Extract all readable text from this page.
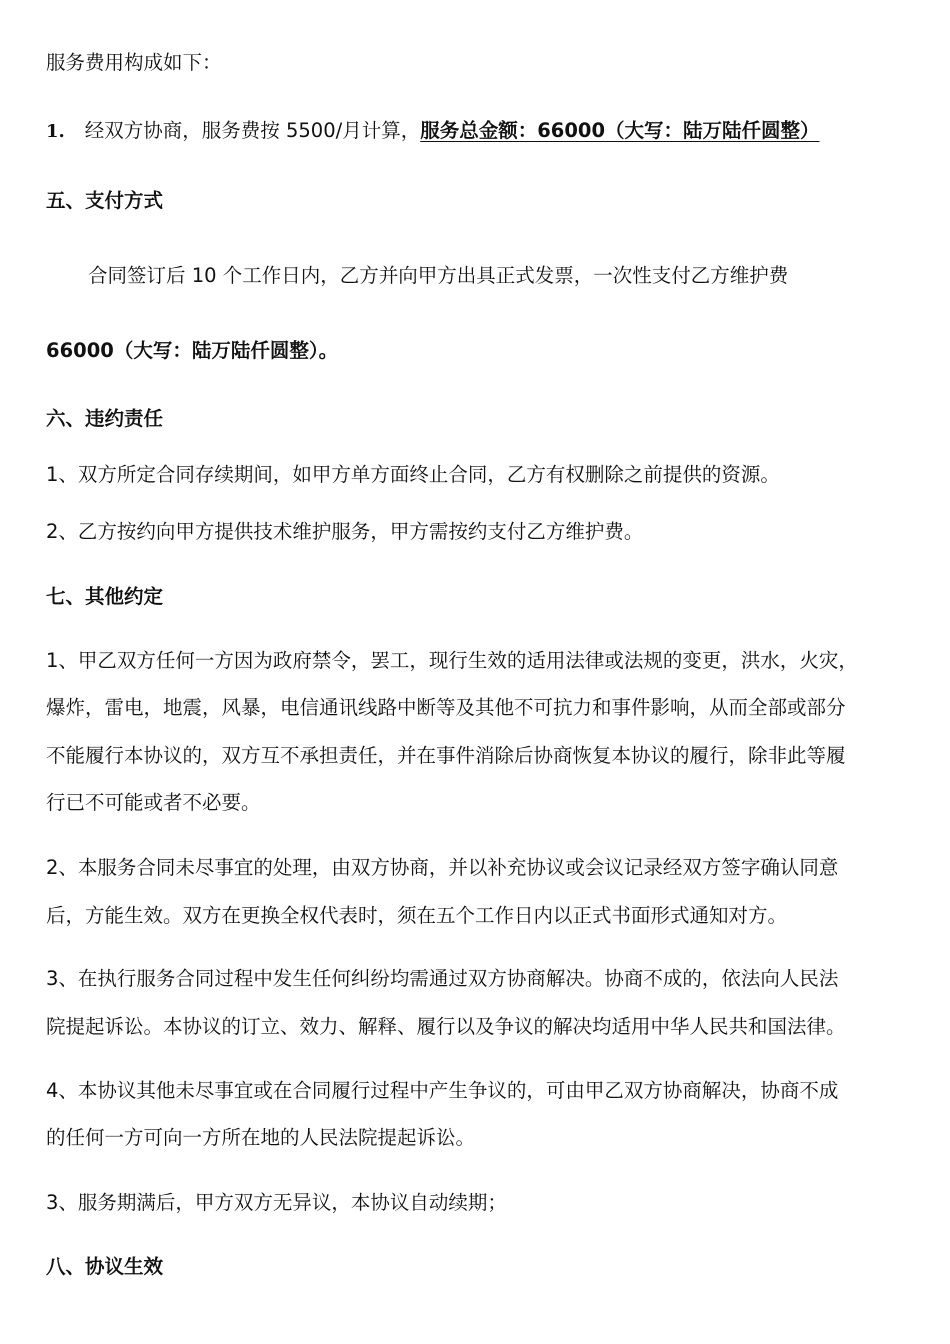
服务费用构成如下：
1. 经双方协商，服务费按 5500/月计算，服务总金额：66000（大写：陆万陆仟圆整）
五、支付方式
合同签订后 10 个工作日内，乙方并向甲方出具正式发票，一次性支付乙方维护费
66000（大写：陆万陆仟圆整）。
六、违约责任
1、双方所定合同存续期间，如甲方单方面终止合同，乙方有权删除之前提供的资源。
2、乙方按约向甲方提供技术维护服务，甲方需按约支付乙方维护费。
七、其他约定
1、甲乙双方任何一方因为政府禁令，罢工，现行生效的适用法律或法规的变更，洪水，火灾，
爆炸，雷电，地震，风暴，电信通讯线路中断等及其他不可抗力和事件影响，从而全部或部分
不能履行本协议的，双方互不承担责任，并在事件消除后协商恢复本协议的履行，除非此等履
行已不可能或者不必要。
2、本服务合同未尽事宜的处理，由双方协商，并以补充协议或会议记录经双方签字确认同意
后，方能生效。双方在更换全权代表时，须在五个工作日内以正式书面形式通知对方。
3、在执行服务合同过程中发生任何纠纷均需通过双方协商解决。协商不成的，依法向人民法
院提起诉讼。本协议的订立、效力、解释、履行以及争议的解决均适用中华人民共和国法律。
4、本协议其他未尽事宜或在合同履行过程中产生争议的，可由甲乙双方协商解决，协商不成
的任何一方可向一方所在地的人民法院提起诉讼。
3、服务期满后，甲方双方无异议，本协议自动续期；
八、协议生效
